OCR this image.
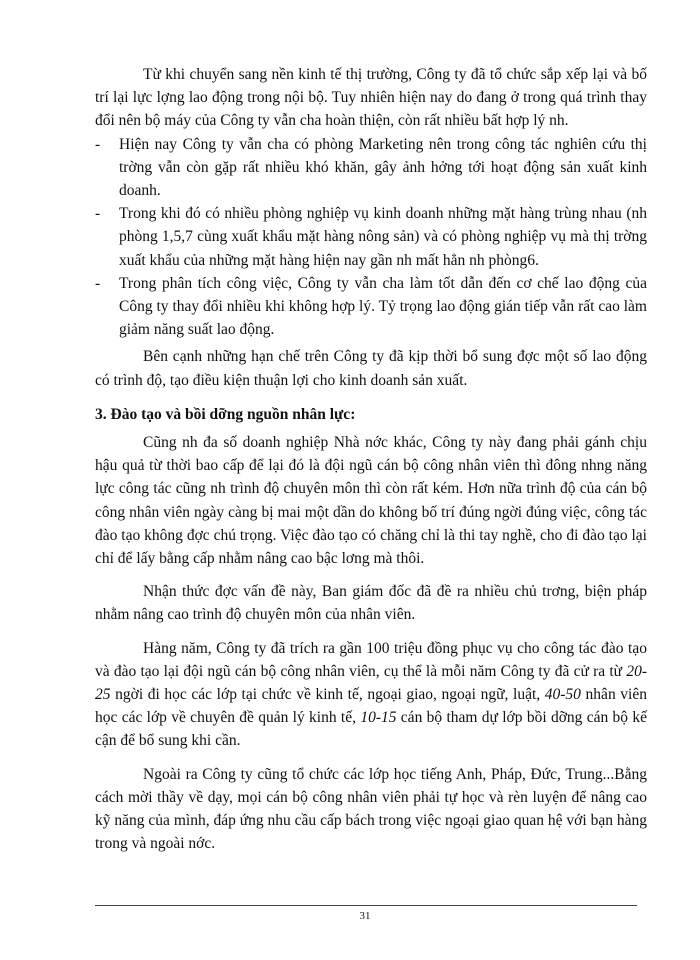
Từ khi chuyển sang nền kinh tế thị trường, Công ty đã tổ chức sắp xếp lại và bố trí lại lực lợng lao động trong nội bộ. Tuy nhiên hiện nay do đang ở trong quá trình thay đổi nên bộ máy của Công ty vẫn cha hoàn thiện, còn rất nhiều bất hợp lý nh.

- Hiện nay Công ty vẫn cha có phòng Marketing nên trong công tác nghiên cứu thị trờng vẫn còn gặp rất nhiều khó khăn, gây ảnh hởng tới hoạt động sản xuất kinh doanh.
- Trong khi đó có nhiều phòng nghiệp vụ kinh doanh những mặt hàng trùng nhau (nh phòng 1,5,7 cùng xuất khẩu mặt hàng nông sản) và có phòng nghiệp vụ mà thị trờng xuất khẩu của những mặt hàng hiện nay gần nh mất hẳn nh phòng6.
- Trong phân tích công việc, Công ty vẫn cha làm tốt dẫn đến cơ chế lao động của Công ty thay đổi nhiều khi không hợp lý. Tỷ trọng lao động gián tiếp vẫn rất cao làm giảm năng suất lao động.

Bên cạnh những hạn chế trên Công ty đã kịp thời bổ sung đợc một số lao động có trình độ, tạo điều kiện thuận lợi cho kinh doanh sản xuất.

3. Đào tạo và bồi dỡng nguồn nhân lực:

Cũng nh đa số doanh nghiệp Nhà nớc khác, Công ty này đang phải gánh chịu hậu quả từ thời bao cấp để lại đó là đội ngũ cán bộ công nhân viên thì đông nhng năng lực công tác cũng nh trình độ chuyên môn thì còn rất kém. Hơn nữa trình độ của cán bộ công nhân viên ngày càng bị mai một dần do không bố trí đúng ngời đúng việc, công tác đào tạo không đợc chú trọng. Việc đào tạo có chăng chỉ là thi tay nghề, cho đi đào tạo lại chỉ để lấy bằng cấp nhằm nâng cao bậc lơng mà thôi.

Nhận thức đợc vấn đề này, Ban giám đốc đã đề ra nhiều chủ trơng, biện pháp nhằm nâng cao trình độ chuyên môn của nhân viên.

Hàng năm, Công ty đã trích ra gần 100 triệu đồng phục vụ cho công tác đào tạo và đào tạo lại đội ngũ cán bộ công nhân viên, cụ thể là mỗi năm Công ty đã cử ra từ 20-25 ngời đi học các lớp tại chức về kinh tế, ngoại giao, ngoại ngữ, luật, 40-50 nhân viên học các lớp về chuyên đề quản lý kinh tế, 10-15 cán bộ tham dự lớp bồi dỡng cán bộ kế cận để bổ sung khi cần.

Ngoài ra Công ty cũng tổ chức các lớp học tiếng Anh, Pháp, Đức, Trung...Bằng cách mời thầy về dạy, mọi cán bộ công nhân viên phải tự học và rèn luyện để nâng cao kỹ năng của mình, đáp ứng nhu cầu cấp bách trong việc ngoại giao quan hệ với bạn hàng trong và ngoài nớc.

31
